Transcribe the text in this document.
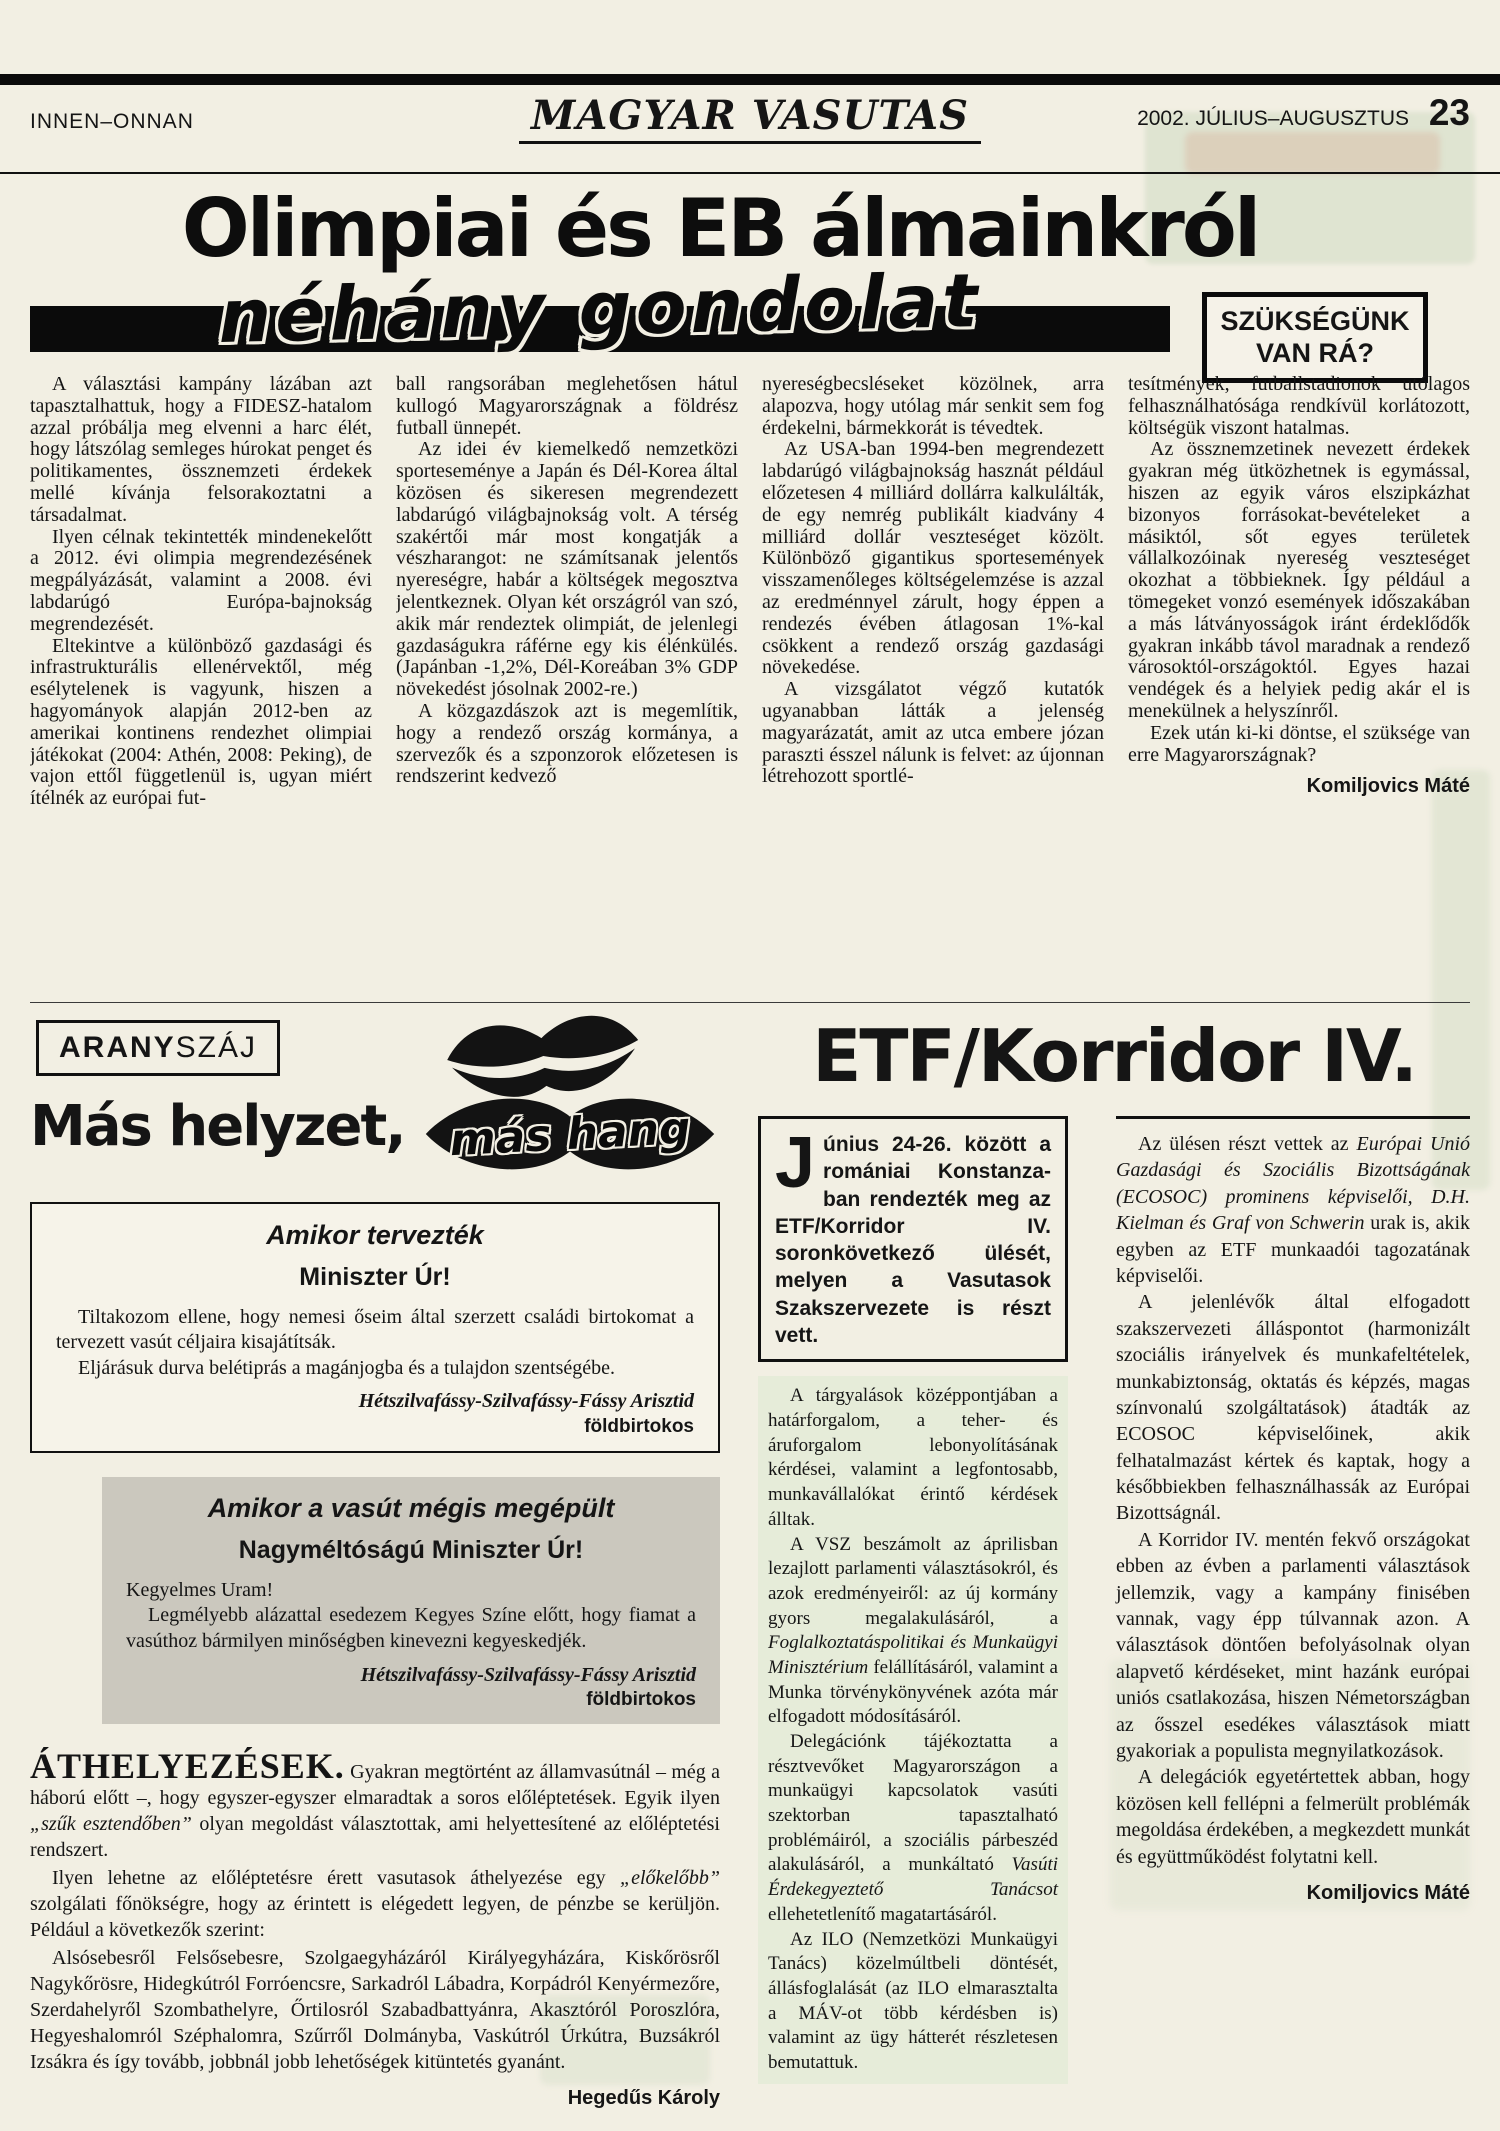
INNEN–ONNAN	MAGYAR VASUTAS	2002. JÚLIUS–AUGUSZTUS 23
Olimpiai és EB álmainkról
néhány gondolat	SZÜKSÉGÜNK
VAN RÁ?

A választási kampány lázában azt tapasztalhattuk, hogy a FIDESZ-hatalom azzal próbálja meg elvenni a harc élét, hogy látszólag semleges húrokat penget és politikamentes, össznemzeti érdekek mellé kívánja felsorakoztatni a társadalmat.

Ilyen célnak tekintették mindenekelőtt a 2012. évi olimpia megrendezésének megpályázását, valamint a 2008. évi labdarúgó Európa-bajnokság megrendezését.

Eltekintve a különböző gazdasági és infrastrukturális ellenérvektől, még esélytelenek is vagyunk, hiszen a hagyományok alapján 2012-ben az amerikai kontinens rendezhet olimpiai játékokat (2004: Athén, 2008: Peking), de vajon ettől függetlenül is, ugyan miért ítélnék az európai fut-

ball rangsorában meglehetősen hátul kullogó Magyarországnak a földrész futball ünnepét.

Az idei év kiemelkedő nemzetközi sporteseménye a Japán és Dél-Korea által közösen és sikeresen megrendezett labdarúgó világbajnokság volt. A térség szakértői már most kongatják a vészharangot: ne számítsanak jelentős nyereségre, habár a költségek megosztva jelentkeznek. Olyan két országról van szó, akik már rendeztek olimpiát, de jelenlegi gazdaságukra ráférne egy kis élénkülés. (Japánban -1,2%, Dél-Koreában 3% GDP növekedést jósolnak 2002-re.)

A közgazdászok azt is megemlítik, hogy a rendező ország kormánya, a szervezők és a szponzorok előzetesen is rendszerint kedvező

nyereségbecsléseket közölnek, arra alapozva, hogy utólag már senkit sem fog érdekelni, bármekkorát is tévedtek.

Az USA-ban 1994-ben megrendezett labdarúgó világbajnokság hasznát például előzetesen 4 milliárd dollárra kalkulálták, de egy nemrég publikált kiadvány 4 milliárd dollár veszteséget közölt. Különböző gigantikus sportesemények visszamenőleges költségelemzése is azzal az eredménnyel zárult, hogy éppen a rendezés évében átlagosan 1%-kal csökkent a rendező ország gazdasági növekedése.

A vizsgálatot végző kutatók ugyanabban látták a jelenség magyarázatát, amit az utca embere józan paraszti ésszel nálunk is felvet: az újonnan létrehozott sportlé-

tesítmények, futballstadionok utólagos felhasználhatósága rendkívül korlátozott, költségük viszont hatalmas.

Az össznemzetinek nevezett érdekek gyakran még ütközhetnek is egymással, hiszen az egyik város elszipkázhat bizonyos forrásokat-bevételeket a másiktól, sőt egyes területek vállalkozóinak nyereség veszteséget okozhat a többieknek. Így például a tömegeket vonzó események időszakában a más látványosságok iránt érdeklődők gyakran inkább távol maradnak a rendező városoktól-országoktól. Egyes hazai vendégek és a helyiek pedig akár el is menekülnek a helyszínről.

Ezek után ki-ki döntse, el szüksége van erre Magyarországnak?

Komiljovics Máté
ARANYSZÁJ
Más helyzet, más hang
Amikor tervezték
Miniszter Úr!

Tiltakozom ellene, hogy nemesi őseim által szerzett családi birtokomat a tervezett vasút céljaira kisajátítsák.

Eljárásuk durva belétiprás a magánjogba és a tulajdon szentségébe.

Hétszilvafássy-Szilvafássy-Fássy Arisztid
földbirtokos
Amikor a vasút mégis megépült
Nagyméltóságú Miniszter Úr!

Kegyelmes Uram!

Legmélyebb alázattal esedezem Kegyes Színe előtt, hogy fiamat a vasúthoz bármilyen minőségben kinevezni kegyeskedjék.

Hétszilvafássy-Szilvafássy-Fássy Arisztid
földbirtokos

ÁTHELYEZÉSEK. Gyakran megtörtént az államvasútnál – még a háború előtt –, hogy egyszer-egyszer elmaradtak a soros előléptetések. Egyik ilyen „szűk esztendőben” olyan megoldást választottak, ami helyettesítené az előléptetési rendszert.

Ilyen lehetne az előléptetésre érett vasutasok áthelyezése egy „előkelőbb” szolgálati főnökségre, hogy az érintett is elégedett legyen, de pénzbe se kerüljön. Például a következők szerint:

Alsósebesről Felsősebesre, Szolgaegyházáról Királyegyházára, Kiskőrösről Nagykőrösre, Hidegkútról Forróencsre, Sarkadról Lábadra, Korpádról Kenyérmezőre, Szerdahelyről Szombathelyre, Őrtilosról Szabadbattyánra, Akasztóról Poroszlóra, Hegyeshalomról Széphalomra, Szűrről Dolmányba, Vaskútról Úrkútra, Buzsákról Izsákra és így tovább, jobbnál jobb lehetőségek kitüntetés gyanánt.

Hegedűs Károly
ETF/Korridor IV.
Június 24-26. között a romániai Konstanza-ban rendezték meg az ETF/Korridor IV. soronkövetkező ülését, melyen a Vasutasok Szakszervezete is részt vett.

A tárgyalások középpontjában a határforgalom, a teher- és áruforgalom lebonyolításának kérdései, valamint a legfontosabb, munkavállalókat érintő kérdések álltak.

A VSZ beszámolt az áprilisban lezajlott parlamenti választásokról, és azok eredményeiről: az új kormány gyors megalakulásáról, a Foglalkoztatáspolitikai és Munkaügyi Minisztérium felállításáról, valamint a Munka törvénykönyvének azóta már elfogadott módosításáról.

Delegációnk tájékoztatta a résztvevőket Magyarországon a munkaügyi kapcsolatok vasúti szektorban tapasztalható problémáiról, a szociális párbeszéd alakulásáról, a munkáltató Vasúti Érdekegyeztető Tanácsot ellehetetlenítő magatartásáról.

Az ILO (Nemzetközi Munkaügyi Tanács) közelmúltbeli döntését, állásfoglalását (az ILO elmarasztalta a MÁV-ot több kérdésben is) valamint az ügy hátterét részletesen bemutattuk.

Az ülésen részt vettek az Európai Unió Gazdasági és Szociális Bizottságának (ECOSOC) prominens képviselői, D.H. Kielman és Graf von Schwerin urak is, akik egyben az ETF munkaadói tagozatának képviselői.

A jelenlévők által elfogadott szakszervezeti álláspontot (harmonizált szociális irányelvek és munkafeltételek, munkabiztonság, oktatás és képzés, magas színvonalú szolgáltatások) átadták az ECOSOC képviselőinek, akik felhatalmazást kértek és kaptak, hogy a későbbiekben felhasználhassák az Európai Bizottságnál.

A Korridor IV. mentén fekvő országokat ebben az évben a parlamenti választások jellemzik, vagy a kampány finisében vannak, vagy épp túlvannak azon. A választások döntően befolyásolnak olyan alapvető kérdéseket, mint hazánk európai uniós csatlakozása, hiszen Németországban az ősszel esedékes választások miatt gyakoriak a populista megnyilatkozások.

A delegációk egyetértettek abban, hogy közösen kell fellépni a felmerült problémák megoldása érdekében, a megkezdett munkát és együttműködést folytatni kell.

Komiljovics Máté
